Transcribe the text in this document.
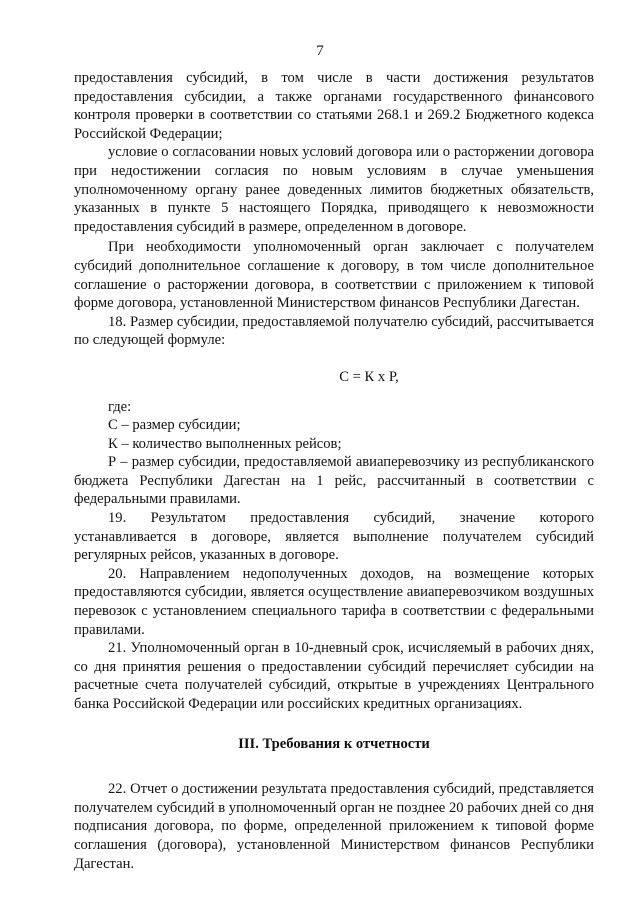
7

предоставления субсидий, в том числе в части достижения результатов предоставления субсидии, а также органами государственного финансового контроля проверки в соответствии со статьями 268.1 и 269.2 Бюджетного кодекса Российской Федерации;

условие о согласовании новых условий договора или о расторжении договора при недостижении согласия по новым условиям в случае уменьшения уполномоченному органу ранее доведенных лимитов бюджетных обязательств, указанных в пункте 5 настоящего Порядка, приводящего к невозможности предоставления субсидий в размере, определенном в договоре.

При необходимости уполномоченный орган заключает с получателем субсидий дополнительное соглашение к договору, в том числе дополнительное соглашение о расторжении договора, в соответствии с приложением к типовой форме договора, установленной Министерством финансов Республики Дагестан.

18. Размер субсидии, предоставляемой получателю субсидий, рассчитывается по следующей формуле:

С = К х Р,

где:

С – размер субсидии;

К – количество выполненных рейсов;

Р – размер субсидии, предоставляемой авиаперевозчику из республиканского бюджета Республики Дагестан на 1 рейс, рассчитанный в соответствии с федеральными правилами.

19. Результатом предоставления субсидий, значение которого устанавливается в договоре, является выполнение получателем субсидий регулярных рейсов, указанных в договоре.

20. Направлением недополученных доходов, на возмещение которых предоставляются субсидии, является осуществление авиаперевозчиком воздушных перевозок с установлением специального тарифа в соответствии с федеральными правилами.

21. Уполномоченный орган в 10-дневный срок, исчисляемый в рабочих днях, со дня принятия решения о предоставлении субсидий перечисляет субсидии на расчетные счета получателей субсидий, открытые в учреждениях Центрального банка Российской Федерации или российских кредитных организациях.

III. Требования к отчетности

22. Отчет о достижении результата предоставления субсидий, представляется получателем субсидий в уполномоченный орган не позднее 20 рабочих дней со дня подписания договора, по форме, определенной приложением к типовой форме соглашения (договора), установленной Министерством финансов Республики Дагестан.
